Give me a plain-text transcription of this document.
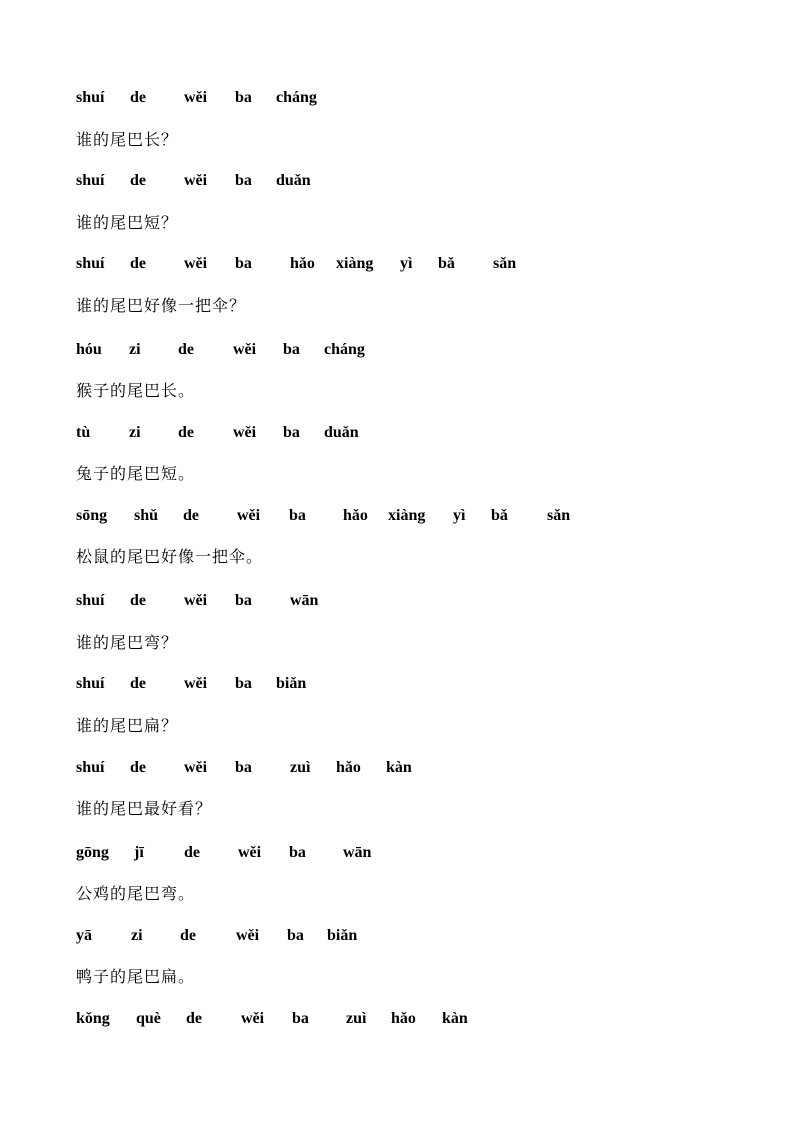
shuí de wěi ba cháng
谁的尾巴长？
shuí de wěi ba duǎn
谁的尾巴短？
shuí de wěi ba hǎo xiàng yì bǎ sǎn
谁的尾巴好像一把伞？
hóu zi de wěi ba cháng
猴子的尾巴长。
tù zi de wěi ba duǎn
兔子的尾巴短。
sōng shǔ de wěi ba hǎo xiàng yì bǎ sǎn
松鼠的尾巴好像一把伞。
shuí de wěi ba wān
谁的尾巴弯？
shuí de wěi ba biǎn
谁的尾巴扁？
shuí de wěi ba zuì hǎo kàn
谁的尾巴最好看？
gōng jī	de wěi ba wān
公鸡的尾巴弯。
yā zi de	wěi ba biǎn
鸭子的尾巴扁。
kǒng què de wěi ba zuì hǎo kàn
